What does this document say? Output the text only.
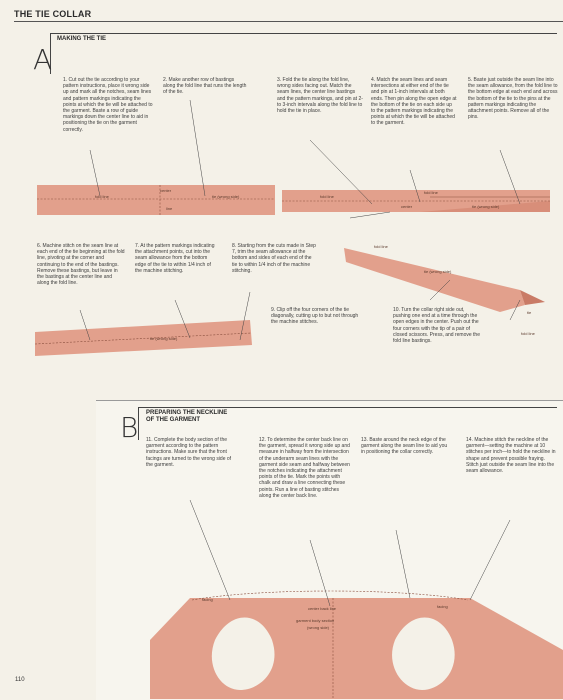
THE TIE COLLAR
A
MAKING THE TIE
1. Cut out the tie according to your pattern instructions, place it wrong side up and mark all the notches, seam lines and pattern markings indicating the points at which the tie will be attached to the garment. Baste a row of guide markings down the center line to aid in positioning the tie on the garment correctly.
2. Make another row of bastings along the fold line that runs the length of the tie.
3. Fold the tie along the fold line, wrong sides facing out. Match the seam lines, the center line bastings and the pattern markings, and pin at 2- to 3-inch intervals along the fold line to hold the tie in place.
4. Match the seam lines and seam intersections at either end of the tie and pin at 1-inch intervals at both ends. Then pin along the open edge at the bottom of the tie on each side up to the pattern markings indicating the points at which the tie will be attached to the garment.
5. Baste just outside the seam line into the seam allowance, from the fold line to the bottom edge at each end and across the bottom of the tie to the pins at the pattern markings indicating the attachment points. Remove all of the pins.
6. Machine stitch on the seam line at each end of the tie beginning at the fold line, pivoting at the corner and continuing to the end of the bastings. Remove these bastings, but leave in the bastings at the center line and along the fold line.
7. At the pattern markings indicating the attachment points, cut into the seam allowance from the bottom edge of the tie to within 1/4 inch of the machine stitching.
8. Starting from the cuts made in Step 7, trim the seam allowance at the bottom and sides of each end of the tie to within 1/4 inch of the machine stitching.
9. Clip off the four corners of the tie diagonally, cutting up to but not through the machine stitches.
10. Turn the collar right side out, pushing one end at a time through the open edges in the center. Push out the four corners with the tip of a pair of closed scissors. Press, and remove the fold line bastings.
fold line
center
line
tie (wrong side)	fold line
center
fold line
tie (wrong side)
tie (wrong side)
fold line
tie (wrong side)
tie
fold line
B PREPARING THE NECKLINE
OF THE GARMENT
11. Complete the body section of the garment according to the pattern instructions. Make sure that the front facings are turned to the wrong side of the garment.
12. To determine the center back line on the garment, spread it wrong side up and measure in halfway from the intersection of the underarm seam lines with the garment side seam and halfway between the notches indicating the attachment points of the tie. Mark the points with chalk and draw a line connecting these points. Run a line of basting stitches along the center back line.
13. Baste around the neck edge of the garment along the seam line to aid you in positioning the collar correctly.
14. Machine stitch the neckline of the garment—setting the machine at 10 stitches per inch—to hold the neckline in shape and prevent possible fraying. Stitch just outside the seam line into the seam allowance.
facing
center back line	facing
garment body section
(wrong side)
110
